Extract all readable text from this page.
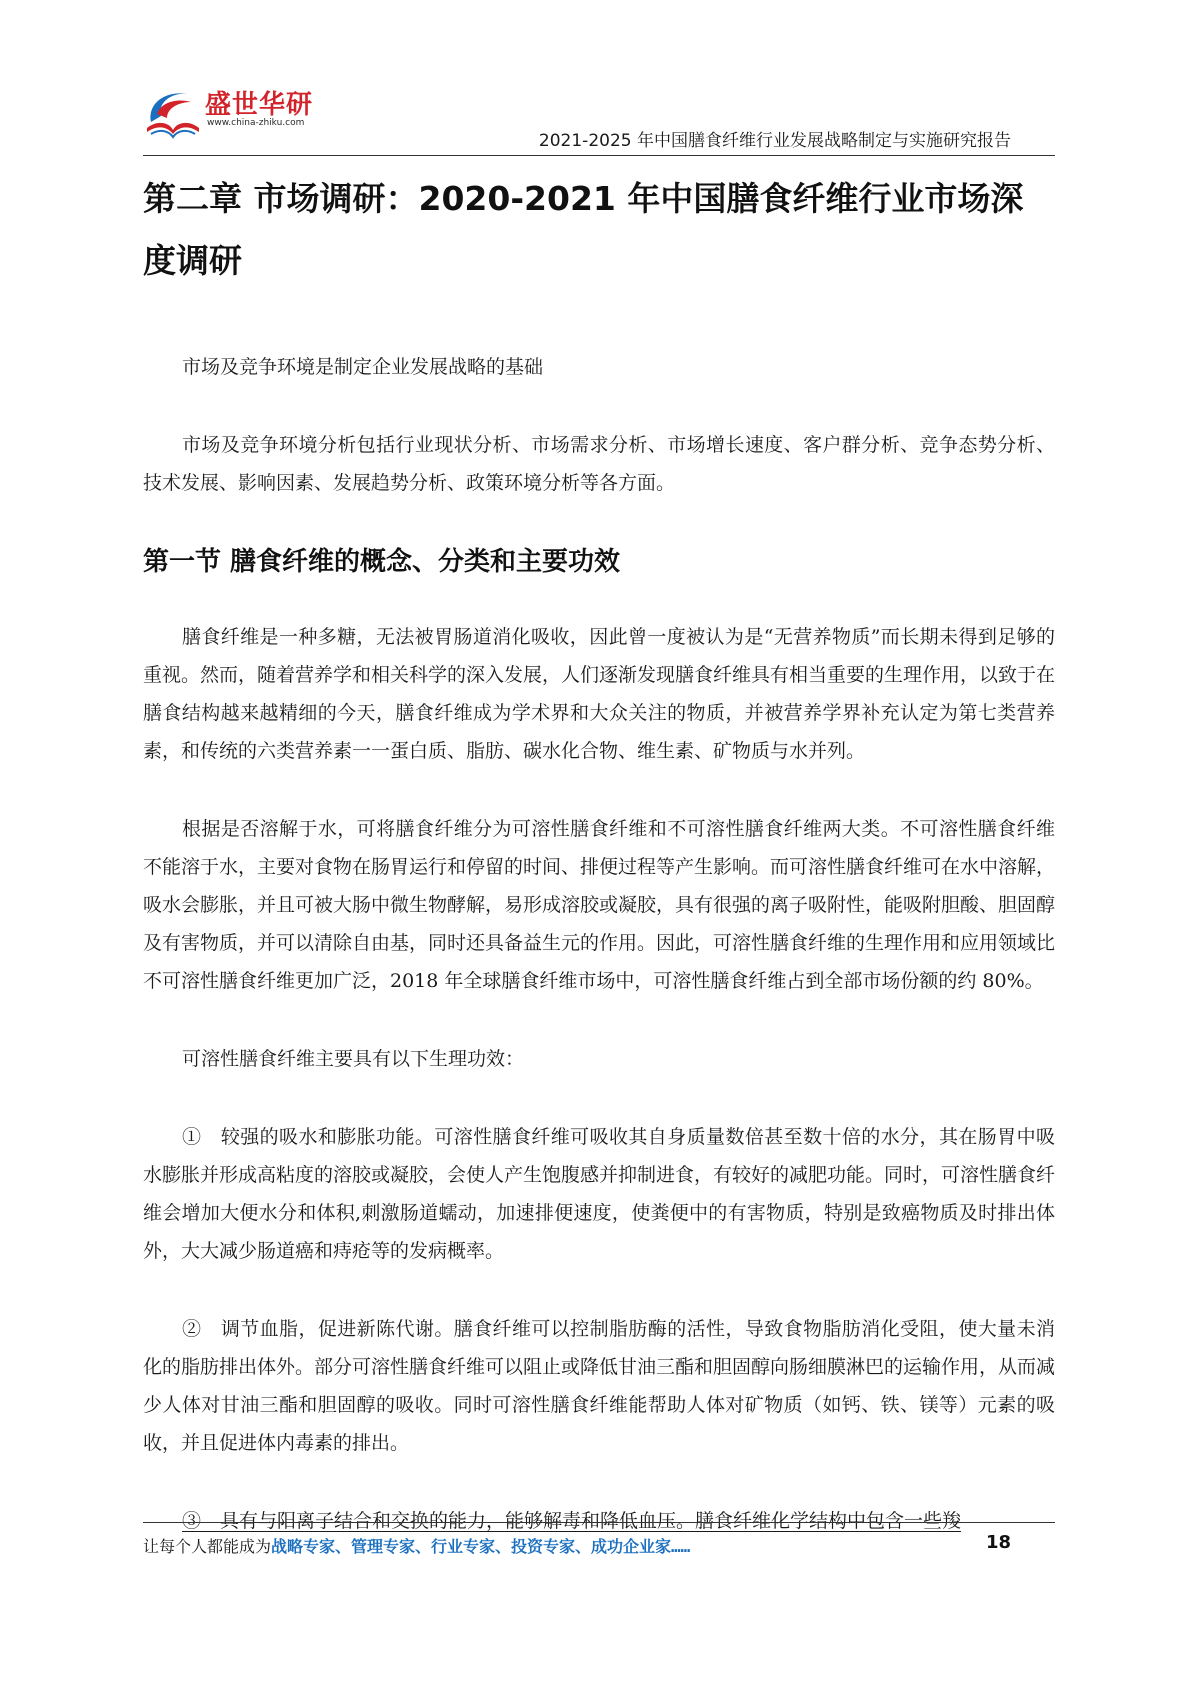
盛世华研
www.china-zhiku.com
2021-2025 年中国膳食纤维行业发展战略制定与实施研究报告
第二章 市场调研：2020-2021 年中国膳食纤维行业市场深度调研

市场及竞争环境是制定企业发展战略的基础

市场及竞争环境分析包括行业现状分析、市场需求分析、市场增长速度、客户群分析、竞争态势分析、技术发展、影响因素、发展趋势分析、政策环境分析等各方面。

第一节 膳食纤维的概念、分类和主要功效

膳食纤维是一种多糖，无法被胃肠道消化吸收，因此曾一度被认为是“无营养物质”而长期未得到足够的重视。然而，随着营养学和相关科学的深入发展，人们逐渐发现膳食纤维具有相当重要的生理作用，以致于在膳食结构越来越精细的今天，膳食纤维成为学术界和大众关注的物质，并被营养学界补充认定为第七类营养素，和传统的六类营养素一一蛋白质、脂肪、碳水化合物、维生素、矿物质与水并列。

根据是否溶解于水，可将膳食纤维分为可溶性膳食纤维和不可溶性膳食纤维两大类。不可溶性膳食纤维不能溶于水，主要对食物在肠胃运行和停留的时间、排便过程等产生影响。而可溶性膳食纤维可在水中溶解，吸水会膨胀，并且可被大肠中微生物酵解，易形成溶胶或凝胶，具有很强的离子吸附性，能吸附胆酸、胆固醇及有害物质，并可以清除自由基，同时还具备益生元的作用。因此，可溶性膳食纤维的生理作用和应用领域比不可溶性膳食纤维更加广泛，2018 年全球膳食纤维市场中，可溶性膳食纤维占到全部市场份额的约 80%。

可溶性膳食纤维主要具有以下生理功效：

①　较强的吸水和膨胀功能。可溶性膳食纤维可吸收其自身质量数倍甚至数十倍的水分，其在肠胃中吸水膨胀并形成高粘度的溶胶或凝胶，会使人产生饱腹感并抑制进食，有较好的减肥功能。同时，可溶性膳食纤维会增加大便水分和体积,刺激肠道蠕动，加速排便速度，使粪便中的有害物质，特别是致癌物质及时排出体外，大大减少肠道癌和痔疮等的发病概率。

②　调节血脂，促进新陈代谢。膳食纤维可以控制脂肪酶的活性，导致食物脂肪消化受阻，使大量未消化的脂肪排出体外。部分可溶性膳食纤维可以阻止或降低甘油三酯和胆固醇向肠细膜淋巴的运输作用，从而减少人体对甘油三酯和胆固醇的吸收。同时可溶性膳食纤维能帮助人体对矿物质（如钙、铁、镁等）元素的吸收，并且促进体内毒素的排出。

③　具有与阳离子结合和交换的能力，能够解毒和降低血压。膳食纤维化学结构中包含一些羧

让每个人都能成为战略专家、管理专家、行业专家、投资专家、成功企业家……	18
